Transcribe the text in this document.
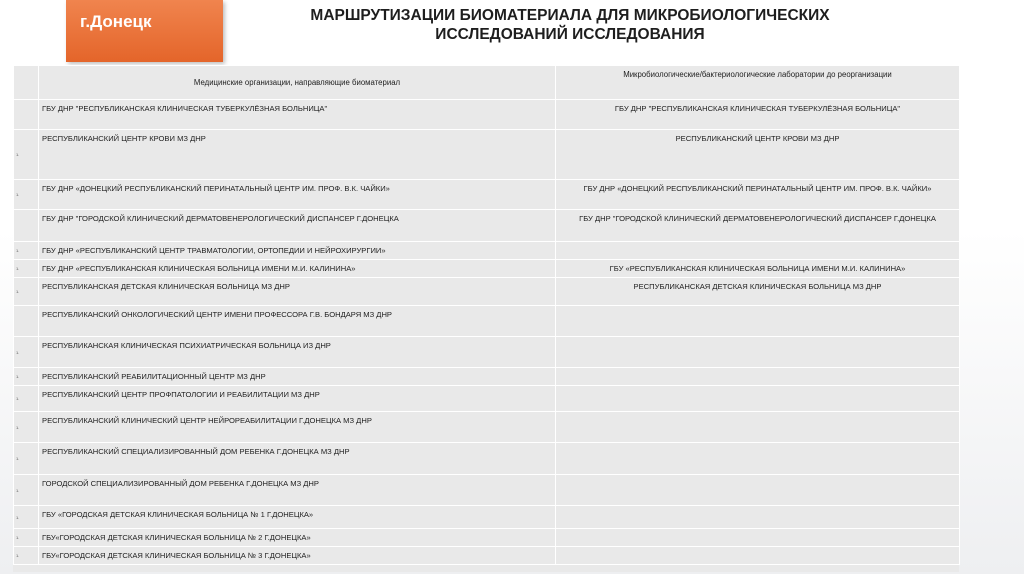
г.Донецк	МАРШРУТИЗАЦИИ БИОМАТЕРИАЛА ДЛЯ МИКРОБИОЛОГИЧЕСКИХ
ИССЛЕДОВАНИЙ ИССЛЕДОВАНИЯ
	Медицинские организации, направляющие биоматериал	Микробиологические/бактериологические лаборатории до реорганизации
	ГБУ ДНР "РЕСПУБЛИКАНСКАЯ КЛИНИЧЕСКАЯ ТУБЕРКУЛЁЗНАЯ БОЛЬНИЦА"	ГБУ ДНР "РЕСПУБЛИКАНСКАЯ КЛИНИЧЕСКАЯ ТУБЕРКУЛЁЗНАЯ БОЛЬНИЦА"
1.	РЕСПУБЛИКАНСКИЙ ЦЕНТР КРОВИ МЗ ДНР	РЕСПУБЛИКАНСКИЙ ЦЕНТР КРОВИ МЗ ДНР
1.	ГБУ ДНР «ДОНЕЦКИЙ РЕСПУБЛИКАНСКИЙ ПЕРИНАТАЛЬНЫЙ ЦЕНТР ИМ. ПРОФ. В.К. ЧАЙКИ»	ГБУ ДНР «ДОНЕЦКИЙ РЕСПУБЛИКАНСКИЙ ПЕРИНАТАЛЬНЫЙ ЦЕНТР ИМ. ПРОФ. В.К. ЧАЙКИ»
	ГБУ ДНР "ГОРОДСКОЙ КЛИНИЧЕСКИЙ ДЕРМАТОВЕНЕРОЛОГИЧЕСКИЙ ДИСПАНСЕР Г.ДОНЕЦКА	ГБУ ДНР "ГОРОДСКОЙ КЛИНИЧЕСКИЙ ДЕРМАТОВЕНЕРОЛОГИЧЕСКИЙ ДИСПАНСЕР Г.ДОНЕЦКА
1.	ГБУ ДНР «РЕСПУБЛИКАНСКИЙ ЦЕНТР ТРАВМАТОЛОГИИ, ОРТОПЕДИИ И НЕЙРОХИРУРГИИ»	
1.	ГБУ ДНР «РЕСПУБЛИКАНСКАЯ КЛИНИЧЕСКАЯ БОЛЬНИЦА ИМЕНИ М.И. КАЛИНИНА»	ГБУ «РЕСПУБЛИКАНСКАЯ КЛИНИЧЕСКАЯ БОЛЬНИЦА ИМЕНИ М.И. КАЛИНИНА»
1.	РЕСПУБЛИКАНСКАЯ ДЕТСКАЯ КЛИНИЧЕСКАЯ БОЛЬНИЦА МЗ ДНР	РЕСПУБЛИКАНСКАЯ ДЕТСКАЯ КЛИНИЧЕСКАЯ БОЛЬНИЦА МЗ ДНР
	РЕСПУБЛИКАНСКИЙ ОНКОЛОГИЧЕСКИЙ ЦЕНТР ИМЕНИ ПРОФЕССОРА Г.В. БОНДАРЯ МЗ ДНР	
1.	РЕСПУБЛИКАНСКАЯ КЛИНИЧЕСКАЯ ПСИХИАТРИЧЕСКАЯ БОЛЬНИЦА ИЗ ДНР	
1.	РЕСПУБЛИКАНСКИЙ РЕАБИЛИТАЦИОННЫЙ ЦЕНТР МЗ ДНР	
1.	РЕСПУБЛИКАНСКИЙ ЦЕНТР ПРОФПАТОЛОГИИ И РЕАБИЛИТАЦИИ МЗ ДНР	
1.	РЕСПУБЛИКАНСКИЙ КЛИНИЧЕСКИЙ ЦЕНТР НЕЙРОРЕАБИЛИТАЦИИ Г.ДОНЕЦКА МЗ ДНР	
1.	РЕСПУБЛИКАНСКИЙ СПЕЦИАЛИЗИРОВАННЫЙ ДОМ РЕБЕНКА Г.ДОНЕЦКА МЗ ДНР	
1.	ГОРОДСКОЙ СПЕЦИАЛИЗИРОВАННЫЙ ДОМ РЕБЕНКА Г.ДОНЕЦКА МЗ ДНР	
1.	ГБУ «ГОРОДСКАЯ ДЕТСКАЯ КЛИНИЧЕСКАЯ БОЛЬНИЦА № 1 Г.ДОНЕЦКА»	
1.	ГБУ«ГОРОДСКАЯ ДЕТСКАЯ КЛИНИЧЕСКАЯ БОЛЬНИЦА № 2 Г.ДОНЕЦКА»	
1.	ГБУ«ГОРОДСКАЯ ДЕТСКАЯ КЛИНИЧЕСКАЯ БОЛЬНИЦА № 3 Г.ДОНЕЦКА»	
